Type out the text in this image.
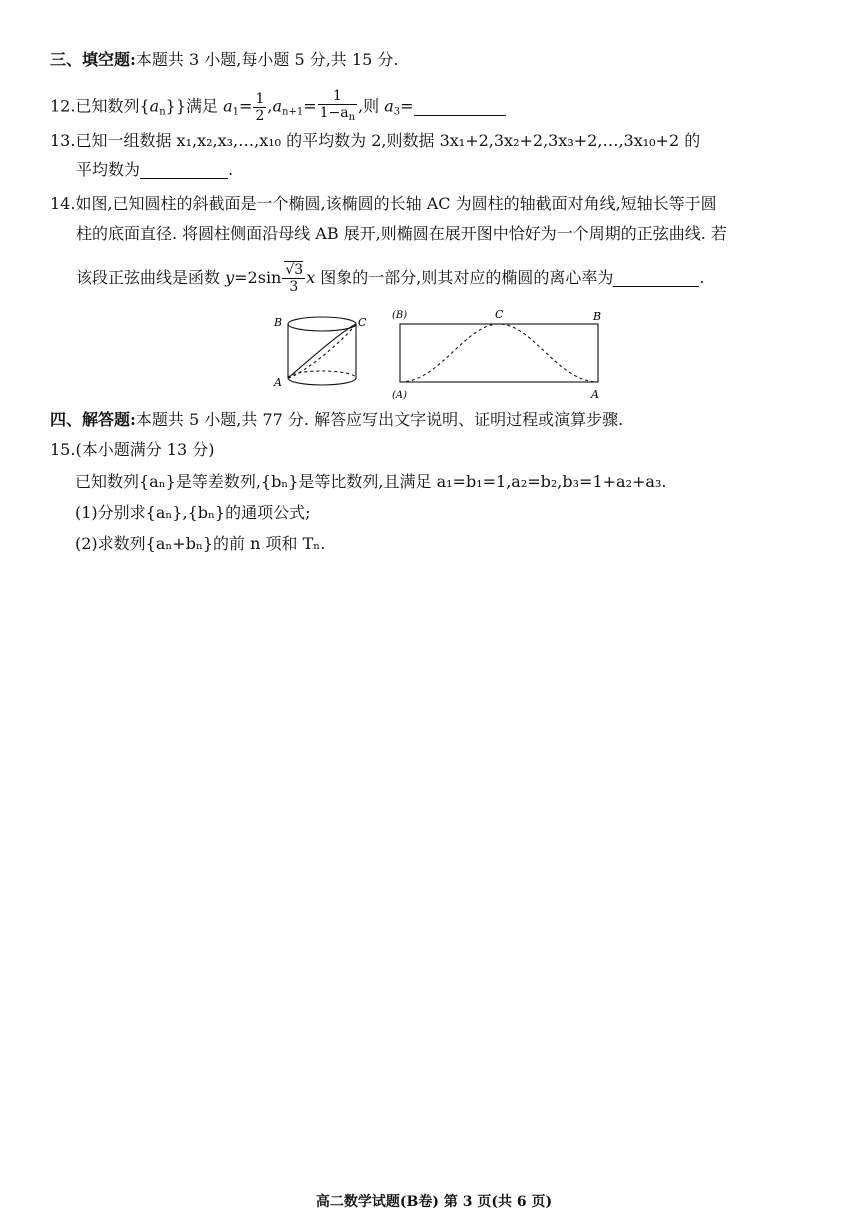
三、填空题:本题共 3 小题,每小题 5 分,共 15 分.
12.已知数列$\{a_n\}$}满足 $a_1= \frac{1}{2} ,a_{n+1}= \frac{1}{1-a_n}$ ,则 $a_3=$
13.已知一组数据 x₁,x₂,x₃,…,x₁₀ 的平均数为 2,则数据 3x₁+2,3x₂+2,3x₃+2,…,3x₁₀+2 的
平均数为	.
14.如图,已知圆柱的斜截面是一个椭圆,该椭圆的长轴 AC 为圆柱的轴截面对角线,短轴长等于圆
柱的底面直径. 将圆柱侧面沿母线 AB 展开,则椭圆在展开图中恰好为一个周期的正弦曲线. 若
该段正弦曲线是函数 $y=2\sin \frac{√3}{3}$ x 图象的一部分,则其对应的椭圆的离心率为	.
B	C
A
(B)	C	B
(A)	A
四、解答题:本题共 5 小题,共 77 分. 解答应写出文字说明、证明过程或演算步骤.
15.(本小题满分 13 分)
已知数列{aₙ}是等差数列,{bₙ}是等比数列,且满足 a₁=b₁=1,a₂=b₂,b₃=1+a₂+a₃.
(1)分别求{aₙ},{bₙ}的通项公式;
(2)求数列{aₙ+bₙ}的前 n 项和 Tₙ.
高二数学试题(B卷) 第 3 页(共 6 页)
